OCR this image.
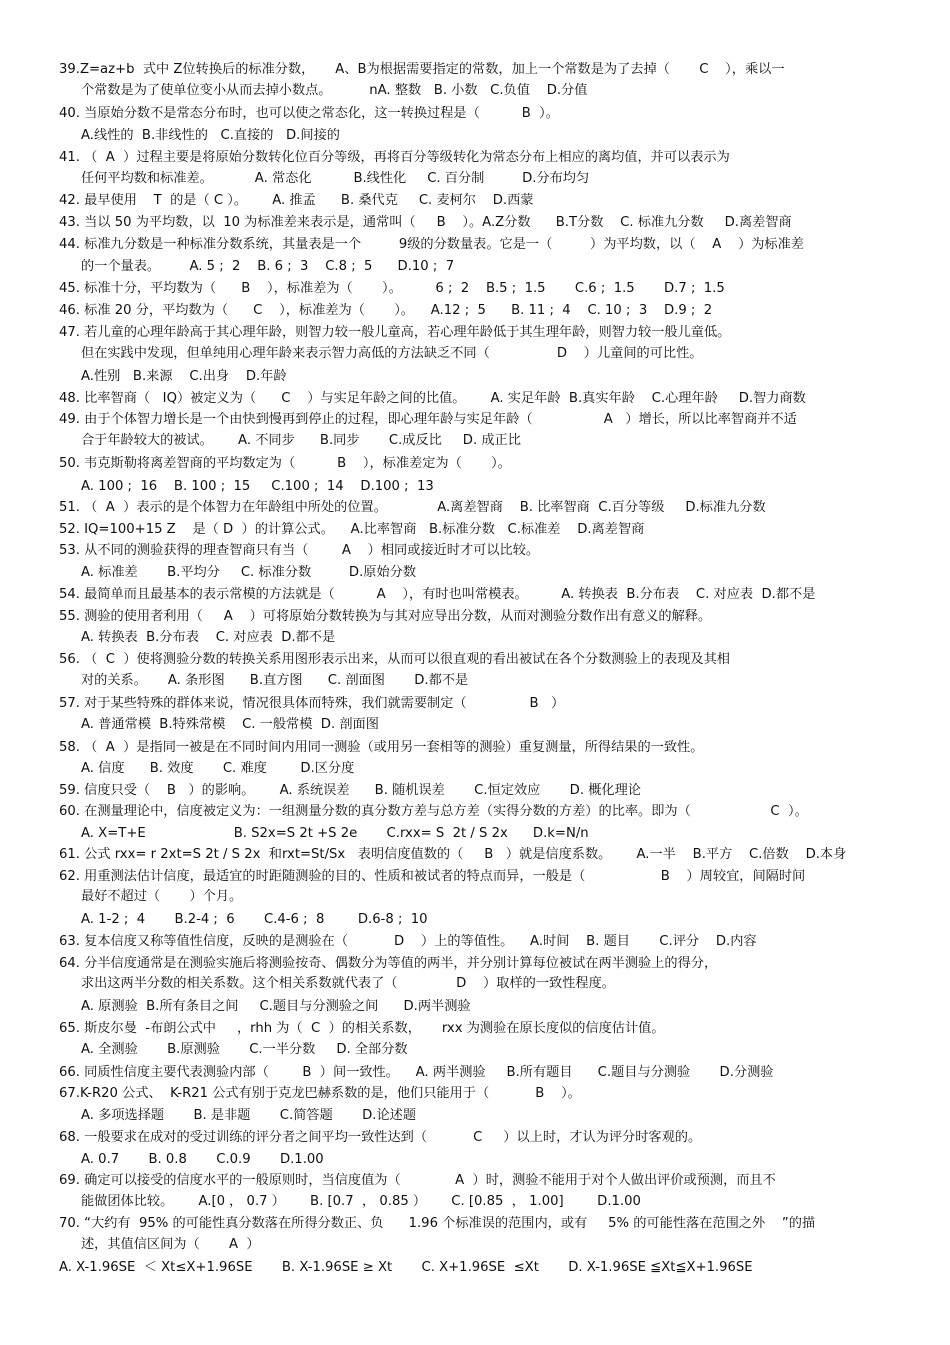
39.Z=az+b  式中 Z位转换后的标准分数，     A、B为根据需要指定的常数，加上一个常数是为了去掉（       C    ），乘以一
个常数是为了使单位变小从而去掉小数点。         nA. 整数   B. 小数   C.负值    D.分值
40. 当原始分数不是常态分布时，也可以使之常态化，这一转换过程是（          B  ）。
A.线性的  B.非线性的   C.直接的   D.间接的
41. （  A  ）过程主要是将原始分数转化位百分等级，再将百分等级转化为常态分布上相应的离均值，并可以表示为
任何平均数和标准差。          A. 常态化          B.线性化     C. 百分制         D.分布均匀
42. 最早使用    T  的是（ C ）。      A. 推孟      B. 桑代克     C. 麦柯尔    D.西蒙
43. 当以 50 为平均数，以  10 为标准差来表示是，通常叫（     B    ）。A.Z分数      B.T分数    C. 标准九分数     D.离差智商
44. 标准九分数是一种标准分数系统，其量表是一个         9级的分数量表。它是一（         ）为平均数，以（    A    ）为标准差
的一个量表。       A. 5 ;  2    B. 6 ;  3    C.8 ;  5      D.10 ;  7
45. 标准十分，平均数为（      B    ），标准差为（       ）。        6 ;  2    B.5 ;  1.5       C.6 ;  1.5       D.7 ;  1.5
46. 标准 20 分，平均数为（      C    ），标准差为（       ）。    A.12 ;  5      B. 11 ;  4    C. 10 ;  3    D.9 ;  2
47. 若儿童的心理年龄高于其心理年龄，则智力较一般儿童高，若心理年龄低于其生理年龄，则智力较一般儿童低。
但在实践中发现，但单纯用心理年龄来表示智力高低的方法缺乏不同（                D    ）儿童间的可比性。
A.性别   B.来源    C.出身    D.年龄
48. 比率智商（   IQ）被定义为（      C    ）与实足年龄之间的比值。      A. 实足年龄  B.真实年龄    C.心理年龄     D.智力商数
49. 由于个体智力增长是一个由快到慢再到停止的过程，即心理年龄与实足年龄（                 A   ）增长，所以比率智商并不适
合于年龄较大的被试。      A. 不同步      B.同步       C.成反比     D. 成正比
50. 韦克斯勒将离差智商的平均数定为（          B    ），标准差定为（       ）。
A. 100 ;  16    B. 100 ;  15     C.100 ;  14    D.100 ;  13
51. （  A  ）表示的是个体智力在年龄组中所处的位置。            A.离差智商    B. 比率智商  C.百分等级     D.标准九分数
52. IQ=100+15 Z    是（ D  ）的计算公式。    A.比率智商   B.标准分数   C.标准差    D.离差智商
53. 从不同的测验获得的理查智商只有当（        A    ）相同或接近时才可以比较。
A. 标准差       B.平均分     C. 标准分数         D.原始分数
54. 最简单而且最基本的表示常模的方法就是（          A    ），有时也叫常模表。        A. 转换表  B.分布表    C. 对应表  D.都不是
55. 测验的使用者利用（     A    ）可将原始分数转换为与其对应导出分数，从而对测验分数作出有意义的解释。
A. 转换表  B.分布表    C. 对应表  D.都不是
56. （  C  ）使将测验分数的转换关系用图形表示出来，从而可以很直观的看出被试在各个分数测验上的表现及其相
对的关系。     A. 条形图      B.直方图      C. 剖面图       D.都不是
57. 对于某些特殊的群体来说，情况很具体而特殊，我们就需要制定（               B   ）
A. 普通常模  B.特殊常模    C. 一般常模  D. 剖面图
58. （  A  ）是指同一被是在不同时间内用同一测验（或用另一套相等的测验）重复测量，所得结果的一致性。
A. 信度      B. 效度       C. 难度        D.区分度
59. 信度只受（    B   ）的影响。      A. 系统误差      B. 随机误差       C.恒定效应       D. 概化理论
60. 在测量理论中，信度被定义为：一组测量分数的真分数方差与总方差（实得分数的方差）的比率。即为（                   C  ）。
A. X=T+E                     B. S2x=S 2t +S 2e       C.rxx= S  2t / S 2x      D.k=N/n
61. 公式 rxx= r 2xt=S 2t / S 2x  和rxt=St/Sx   表明信度值数的（     B   ）就是信度系数。      A.一半    B.平方    C.倍数    D.本身
62. 用重测法估计信度，最适宜的时距随测验的目的、性质和被试者的特点而异，一般是（                  B    ）周较宜，间隔时间
最好不超过（       ）个月。
A. 1-2 ;  4       B.2-4 ;  6       C.4-6 ;  8        D.6-8 ;  10
63. 复本信度又称等值性信度，反映的是测验在（           D    ）上的等值性。    A.时间    B. 题目       C.评分    D.内容
64. 分半信度通常是在测验实施后将测验按奇、偶数分为等值的两半，并分别计算每位被试在两半测验上的得分，
求出这两半分数的相关系数。这个相关系数就代表了（              D    ）取样的一致性程度。
A. 原测验  B.所有条目之间     C.题目与分测验之间      D.两半测验
65. 斯皮尔曼  -布朗公式中     ，rhh 为（  C  ）的相关系数，     rxx 为测验在原长度似的信度估计值。
A. 全测验       B.原测验       C.一半分数     D. 全部分数
66. 同质性信度主要代表测验内部（        B  ）间一致性。    A. 两半测验     B.所有题目      C.题目与分测验       D.分测验
67.K-R20 公式、  K-R21 公式有别于克龙巴赫系数的是，他们只能用于（           B    ）。
A. 多项选择题       B. 是非题       C.简答题       D.论述题
68. 一般要求在成对的受过训练的评分者之间平均一致性达到（           C     ）以上时，才认为评分时客观的。
A. 0.7       B. 0.8       C.0.9       D.1.00
69. 确定可以接受的信度水平的一般原则时，当信度值为（             A  ）时，测验不能用于对个人做出评价或预测，而且不
能做团体比较。      A.[0 ， 0.7 ）      B. [0.7  ， 0.85 ）      C. [0.85  ， 1.00]        D.1.00
70. “大约有  95% 的可能性真分数落在所得分数正、负      1.96 个标准误的范围内，或有     5% 的可能性落在范围之外    ”的描
述，其值信区间为（       A  ）
A. X-1.96SE  ＜ Xt≤X+1.96SE       B. X-1.96SE ≥ Xt       C. X+1.96SE  ≤Xt       D. X-1.96SE ≦Xt≦X+1.96SE
